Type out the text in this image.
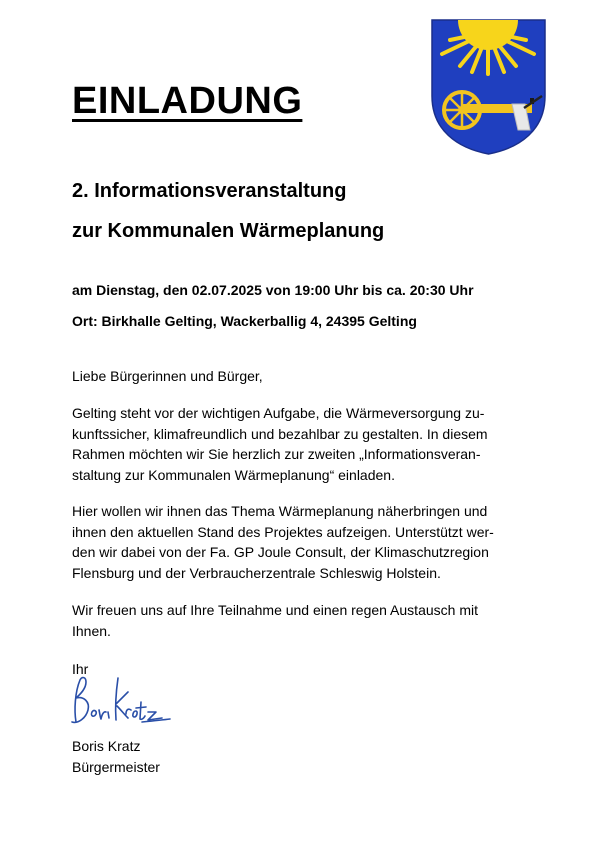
EINLADUNG
2. Informationsveranstaltung
zur Kommunalen Wärmeplanung
am Dienstag, den 02.07.2025 von 19:00 Uhr bis ca. 20:30 Uhr
Ort: Birkhalle Gelting, Wackerballig 4, 24395 Gelting
Liebe Bürgerinnen und Bürger,
Gelting steht vor der wichtigen Aufgabe, die Wärmeversorgung zu-
kunftssicher, klimafreundlich und bezahlbar zu gestalten. In diesem
Rahmen möchten wir Sie herzlich zur zweiten „Informationsveran-
staltung zur Kommunalen Wärmeplanung“ einladen.
Hier wollen wir ihnen das Thema Wärmeplanung näherbringen und
ihnen den aktuellen Stand des Projektes aufzeigen. Unterstützt wer-
den wir dabei von der Fa. GP Joule Consult, der Klimaschutzregion
Flensburg und der Verbraucherzentrale Schleswig Holstein.
Wir freuen uns auf Ihre Teilnahme und einen regen Austausch mit
Ihnen.
Ihr
Boris Kratz
Bürgermeister
